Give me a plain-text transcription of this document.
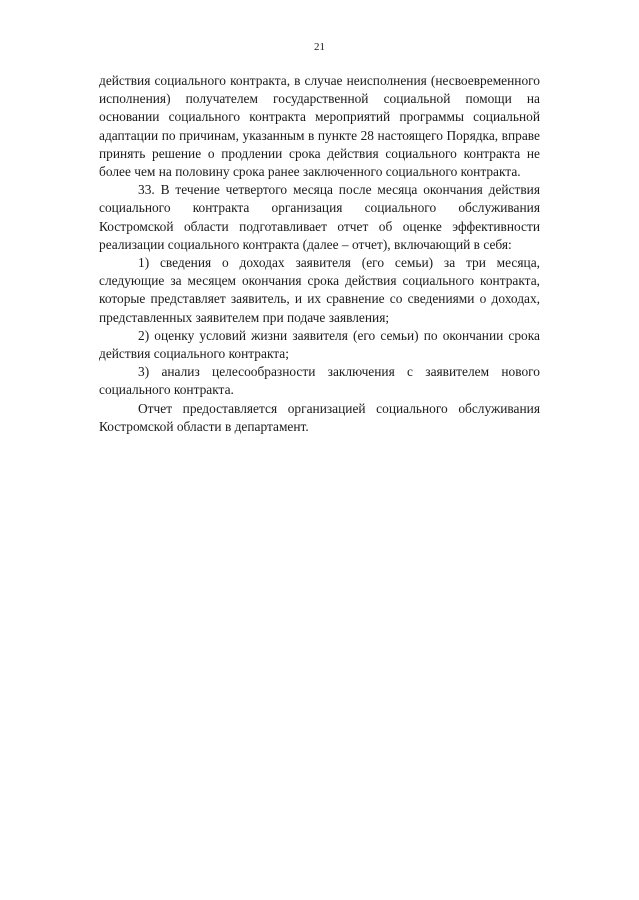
21

действия социального контракта, в случае неисполнения (несвоевременного исполнения) получателем государственной социальной помощи на основании социального контракта мероприятий программы социальной адаптации по причинам, указанным в пункте 28 настоящего Порядка, вправе принять решение о продлении срока действия социального контракта не более чем на половину срока ранее заключенного социального контракта.

33. В течение четвертого месяца после месяца окончания действия социального контракта организация социального обслуживания Костромской области подготавливает отчет об оценке эффективности реализации социального контракта (далее – отчет), включающий в себя:

1) сведения о доходах заявителя (его семьи) за три месяца, следующие за месяцем окончания срока действия социального контракта, которые представляет заявитель, и их сравнение со сведениями о доходах, представленных заявителем при подаче заявления;

2) оценку условий жизни заявителя (его семьи) по окончании срока действия социального контракта;

3) анализ целесообразности заключения с заявителем нового социального контракта.

Отчет предоставляется организацией социального обслуживания Костромской области в департамент.
